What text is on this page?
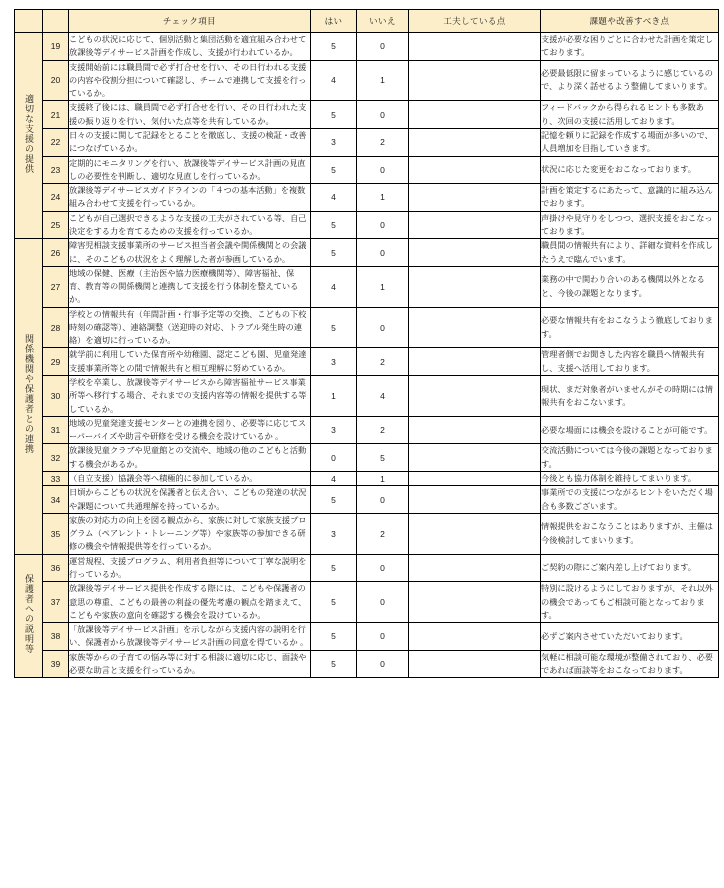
		チェック項目	はい	いいえ	工夫している点	課題や改善すべき点
適切な支援の提供	19	こどもの状況に応じて、個別活動と集団活動を適宜組み合わせて放課後等デイサービス計画を作成し、支援が行われているか。	5	0		支援が必要な困りごとに合わせた計画を策定しております。
	20	支援開始前には職員間で必ず打合せを行い、その日行われる支援の内容や役割分担について確認し、チームで連携して支援を行っているか。	4	1		必要最低限に留まっているように感じているので、より深く話せるよう整備してまいります。
	21	支援終了後には、職員間で必ず打合せを行い、その日行われた支援の振り返りを行い、気付いた点等を共有しているか。	5	0		フィードバックから得られるヒントも多数あり、次回の支援に活用しております。
	22	日々の支援に関して記録をとることを徹底し、支援の検証・改善につなげているか。	3	2		記憶を頼りに記録を作成する場面が多いので、人員増加を目指していきます。
	23	定期的にモニタリングを行い、放課後等デイサービス計画の見直しの必要性を判断し、適切な見直しを行っているか。	5	0		状況に応じた変更をおこなっております。
	24	放課後等デイサービスガイドラインの「４つの基本活動」を複数組み合わせて支援を行っているか。	4	1		計画を策定するにあたって、意識的に組み込んでおります。
	25	こどもが自己選択できるような支援の工夫がされている等、自己決定をする力を育てるための支援を行っているか。	5	0		声掛けや見守りをしつつ、選択支援をおこなっております。
関係機関や保護者との連携	26	障害児相談支援事業所のサービス担当者会議や関係機関との会議に、そのこどもの状況をよく理解した者が参画しているか。	5	0		職員間の情報共有により、詳細な資料を作成したうえで臨んでいます。
	27	地域の保健、医療（主治医や協力医療機関等）、障害福祉、保育、教育等の関係機関と連携して支援を行う体制を整えているか。	4	1		業務の中で関わり合いのある機関以外となると、今後の課題となります。
	28	学校との情報共有（年間計画・行事予定等の交換、こどもの下校時刻の確認等）、連絡調整（送迎時の対応、トラブル発生時の連絡）を適切に行っているか。	5	0		必要な情報共有をおこなうよう徹底しております。
	29	就学前に利用していた保育所や幼稚園、認定こども園、児童発達支援事業所等との間で情報共有と相互理解に努めているか。	3	2		管理者側でお聞きした内容を職員へ情報共有し、支援へ活用しております。
	30	学校を卒業し、放課後等デイサービスから障害福祉サービス事業所等へ移行する場合、それまでの支援内容等の情報を提供する等しているか。	1	4		現状、まだ対象者がいませんがその時期には情報共有をおこないます。
	31	地域の児童発達支援センターとの連携を図り、必要等に応じてスーパーバイズや助言や研修を受ける機会を設けているか 。	3	2		必要な場面には機会を設けることが可能です。
	32	放課後児童クラブや児童館との交流や、地域の他のこどもと活動する機会があるか。	0	5		交流活動については今後の課題となっております。
	33	（自立支援）協議会等へ積極的に参加しているか。	4	1		今後とも協力体制を維持してまいります。
	34	日頃からこどもの状況を保護者と伝え合い、こどもの発達の状況や課題について共通理解を持っているか。	5	0		事業所での支援につながるヒントをいただく場合も多数ございます。
	35	家族の対応力の向上を図る観点から、家族に対して家族支援プログラム（ペアレント・トレーニング等）や家族等の参加できる研修の機会や情報提供等を行っているか。	3	2		情報提供をおこなうことはありますが、主催は今後検討してまいります。
保護者への説明等	36	運営規程、支援プログラム、利用者負担等について丁寧な説明を行っているか。	5	0		ご契約の際にご案内差し上げております。
	37	放課後等デイサービス提供を作成する際には、こどもや保護者の意思の尊重、こどもの最善の利益の優先考慮の観点を踏まえて、こどもや家族の意向を確認する機会を設けているか。	5	0		特別に設けるようにしておりますが、それ以外の機会であってもご相談可能となっております。
	38	「放課後等デイサービス計画」を示しながら支援内容の説明を行い、保護者から放課後等デイサービス計画の同意を得ているか 。	5	0		必ずご案内させていただいております。
	39	家族等からの子育ての悩み等に対する相談に適切に応じ、面談や必要な助言と支援を行っているか。	5	0		気軽に相談可能な環境が整備されており、必要であれば面談等をおこなっております。
